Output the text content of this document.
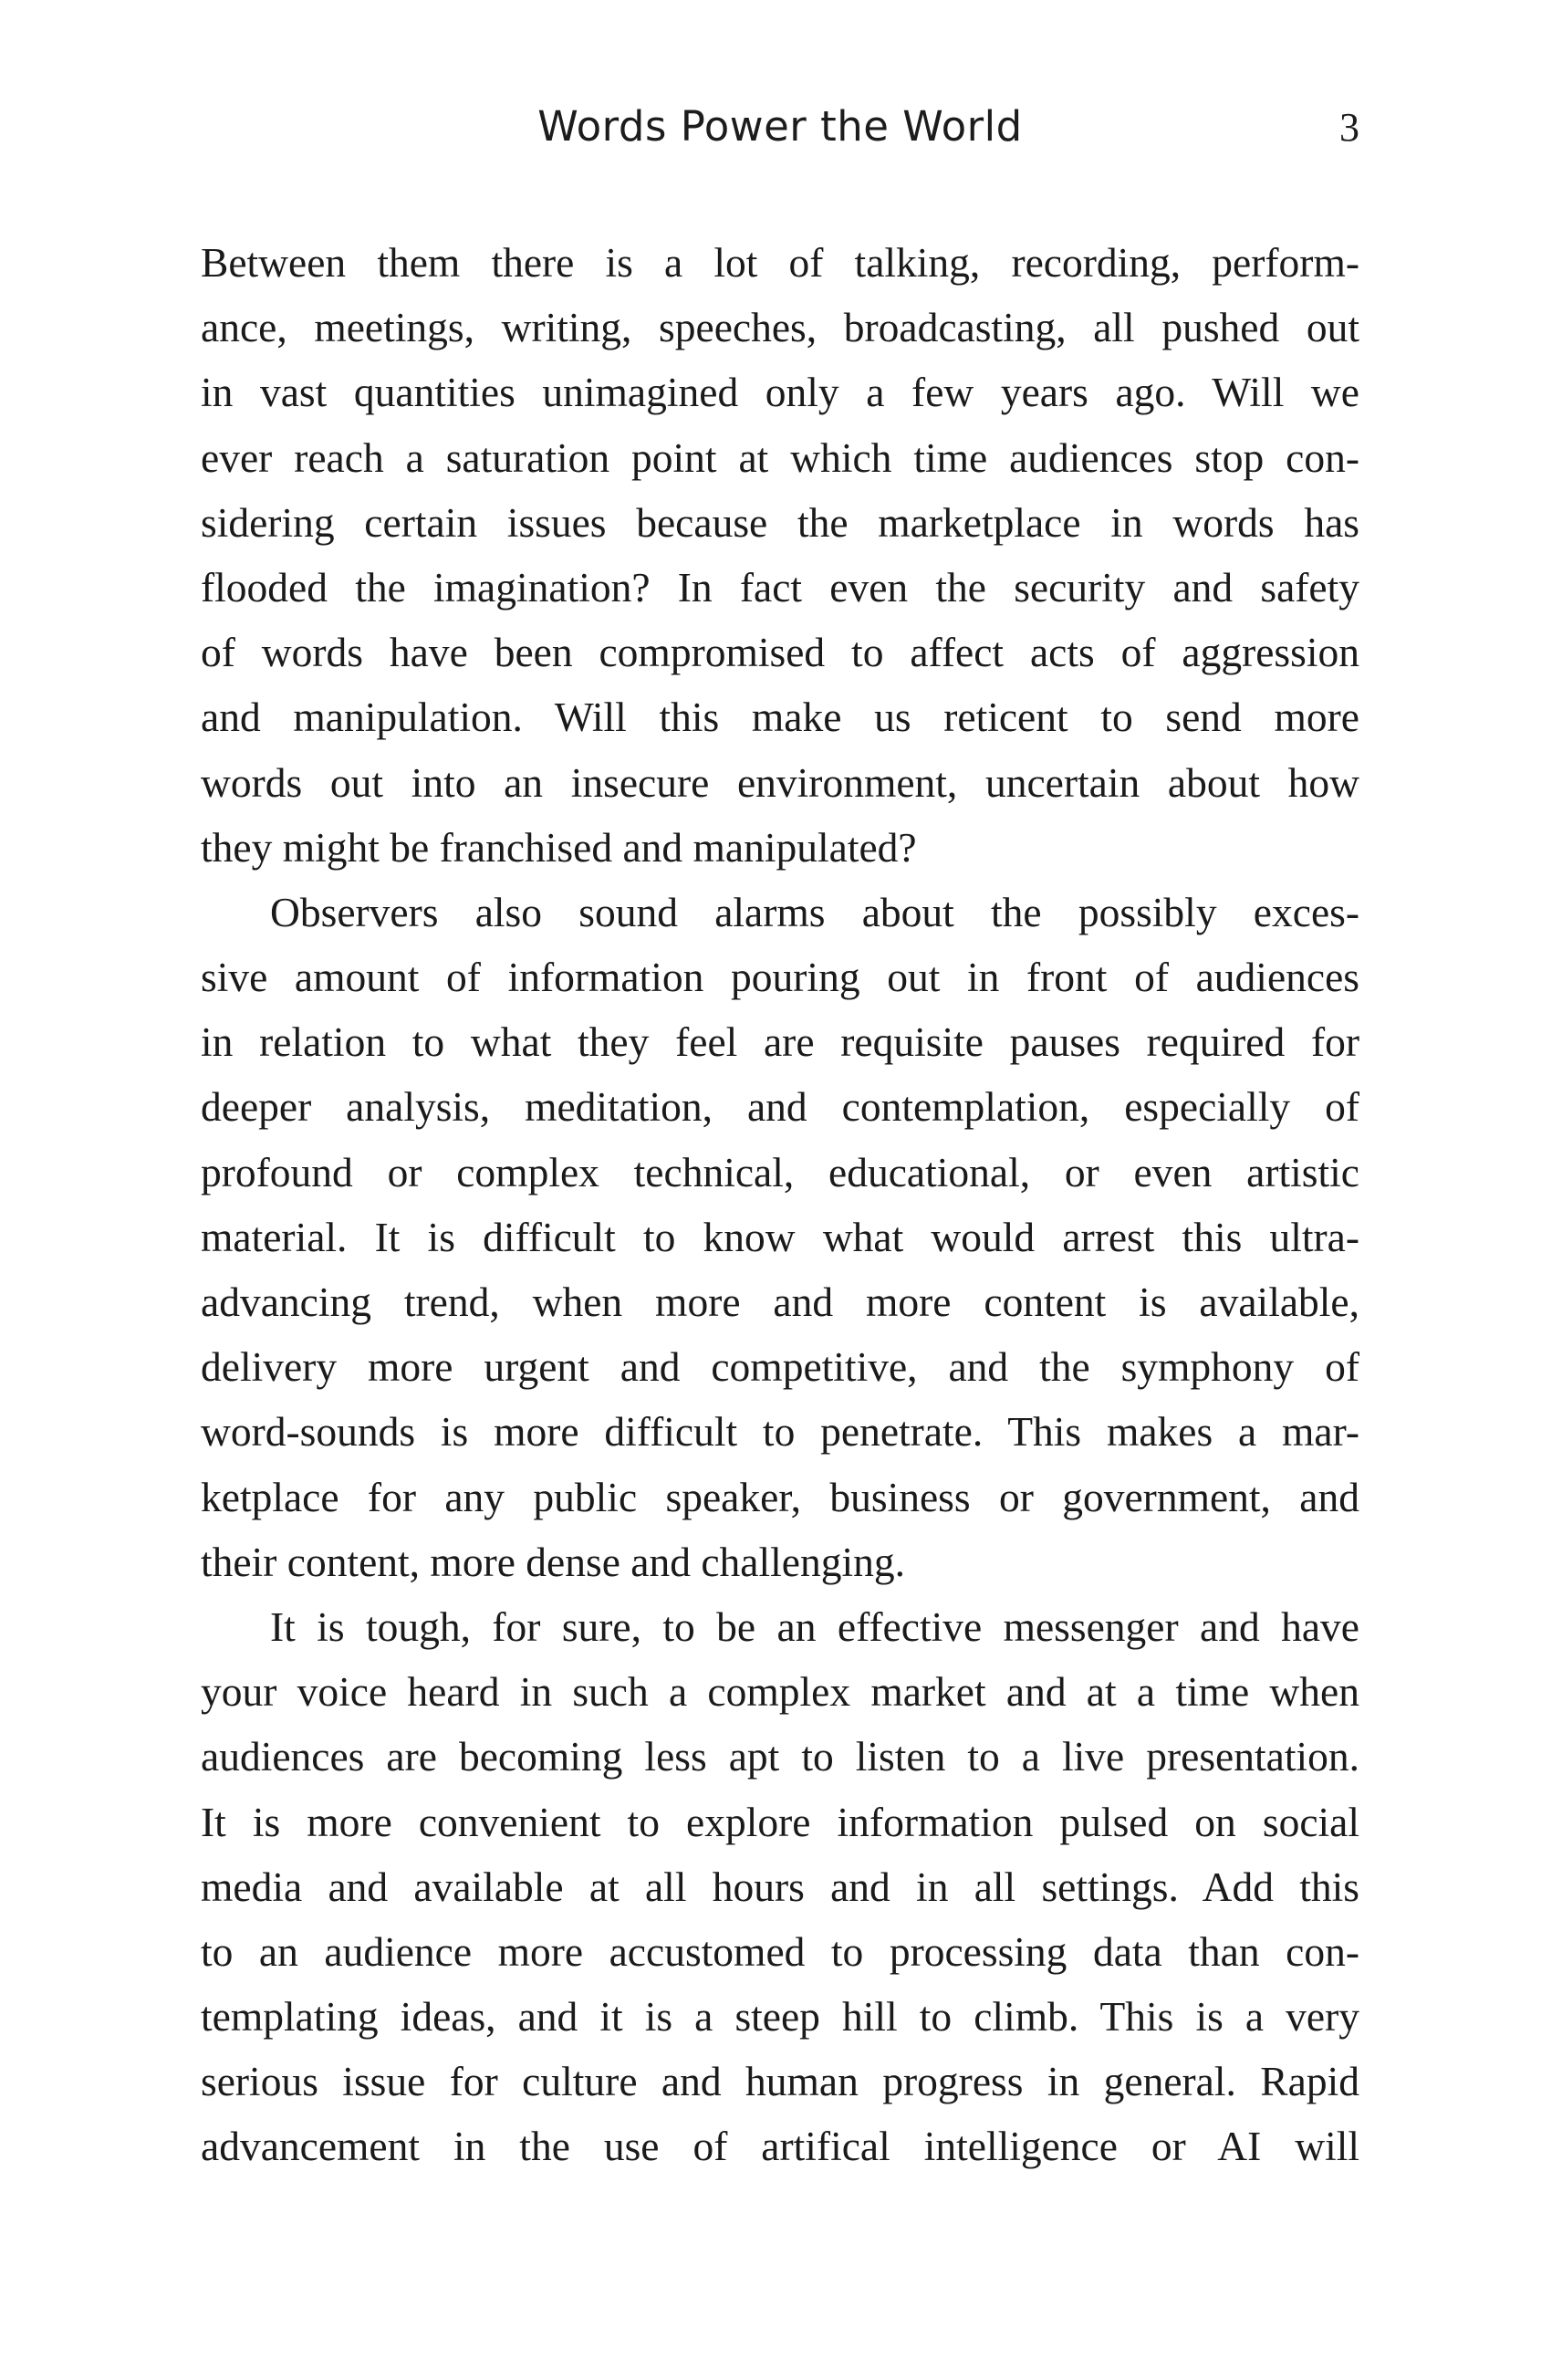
Words Power the World	3
Between them there is a lot of talking, recording, perform-
ance, meetings, writing, speeches, broadcasting, all pushed out
in vast quantities unimagined only a few years ago. Will we
ever reach a saturation point at which time audiences stop con-
sidering certain issues because the marketplace in words has
flooded the imagination? In fact even the security and safety
of words have been compromised to affect acts of aggression
and manipulation. Will this make us reticent to send more
words out into an insecure environment, uncertain about how
they might be franchised and manipulated?
Observers also sound alarms about the possibly exces-
sive amount of information pouring out in front of audiences
in relation to what they feel are requisite pauses required for
deeper analysis, meditation, and contemplation, especially of
profound or complex technical, educational, or even artistic
material. It is difficult to know what would arrest this ultra-
advancing trend, when more and more content is available,
delivery more urgent and competitive, and the symphony of
word-sounds is more difficult to penetrate. This makes a mar-
ketplace for any public speaker, business or government, and
their content, more dense and challenging.
It is tough, for sure, to be an effective messenger and have
your voice heard in such a complex market and at a time when
audiences are becoming less apt to listen to a live presentation.
It is more convenient to explore information pulsed on social
media and available at all hours and in all settings. Add this
to an audience more accustomed to processing data than con-
templating ideas, and it is a steep hill to climb. This is a very
serious issue for culture and human progress in general. Rapid
advancement in the use of artifical intelligence or AI will
